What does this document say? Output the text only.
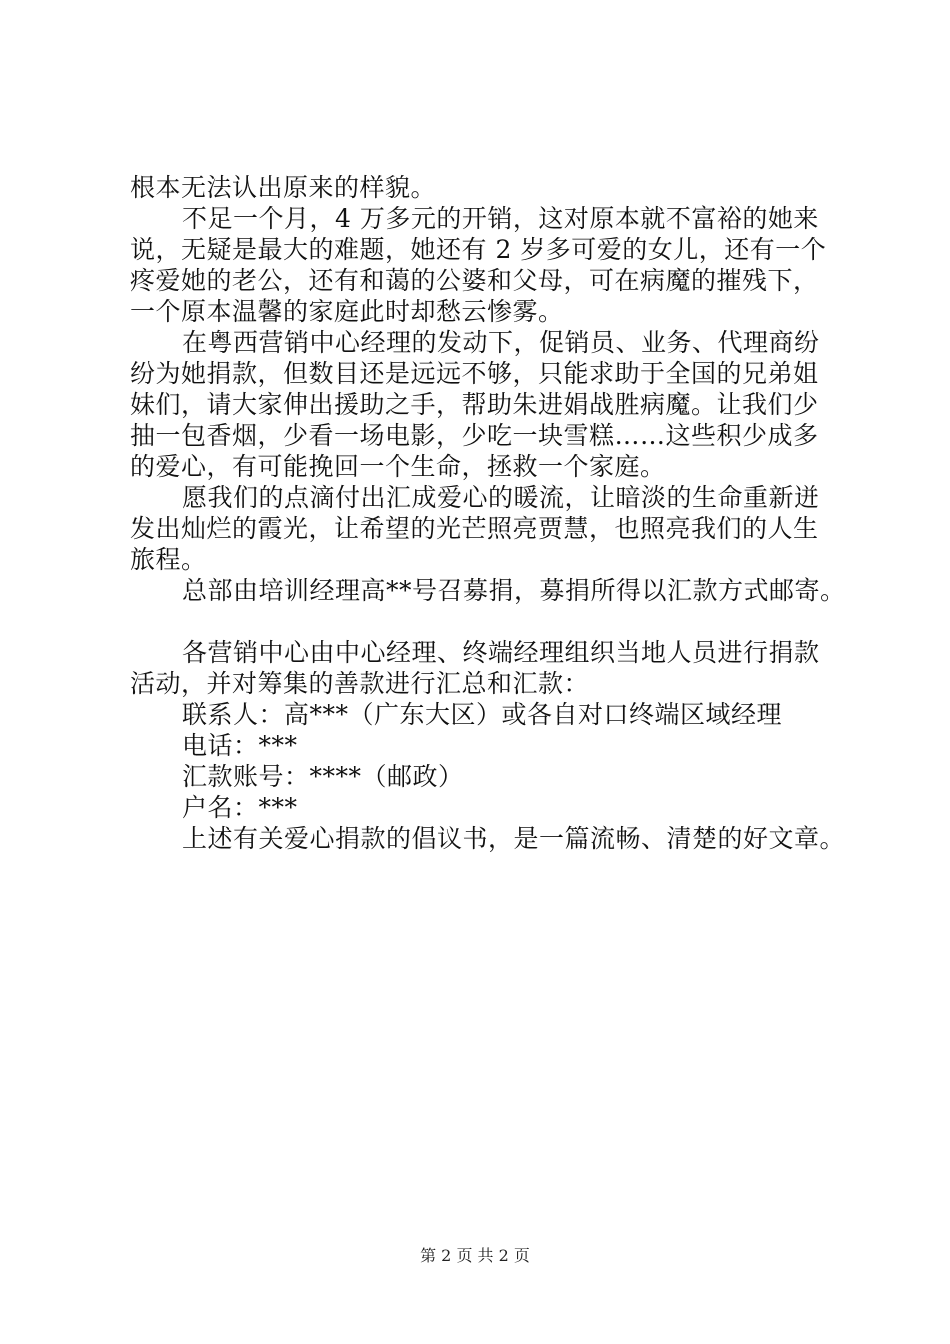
根本无法认出原来的样貌。
不足一个月，4 万多元的开销，这对原本就不富裕的她来
说，无疑是最大的难题，她还有 2 岁多可爱的女儿，还有一个
疼爱她的老公，还有和蔼的公婆和父母，可在病魔的摧残下，
一个原本温馨的家庭此时却愁云惨雾。
在粤西营销中心经理的发动下，促销员、业务、代理商纷
纷为她捐款，但数目还是远远不够，只能求助于全国的兄弟姐
妹们，请大家伸出援助之手，帮助朱进娟战胜病魔。让我们少
抽一包香烟，少看一场电影，少吃一块雪糕……这些积少成多
的爱心，有可能挽回一个生命，拯救一个家庭。
愿我们的点滴付出汇成爱心的暖流，让暗淡的生命重新迸
发出灿烂的霞光，让希望的光芒照亮贾慧，也照亮我们的人生
旅程。
总部由培训经理高**号召募捐，募捐所得以汇款方式邮寄。
各营销中心由中心经理、终端经理组织当地人员进行捐款
活动，并对筹集的善款进行汇总和汇款：
联系人：高***（广东大区）或各自对口终端区域经理
电话：***
汇款账号：****（邮政）
户名：***
上述有关爱心捐款的倡议书，是一篇流畅、清楚的好文章。
第 2 页 共 2 页
